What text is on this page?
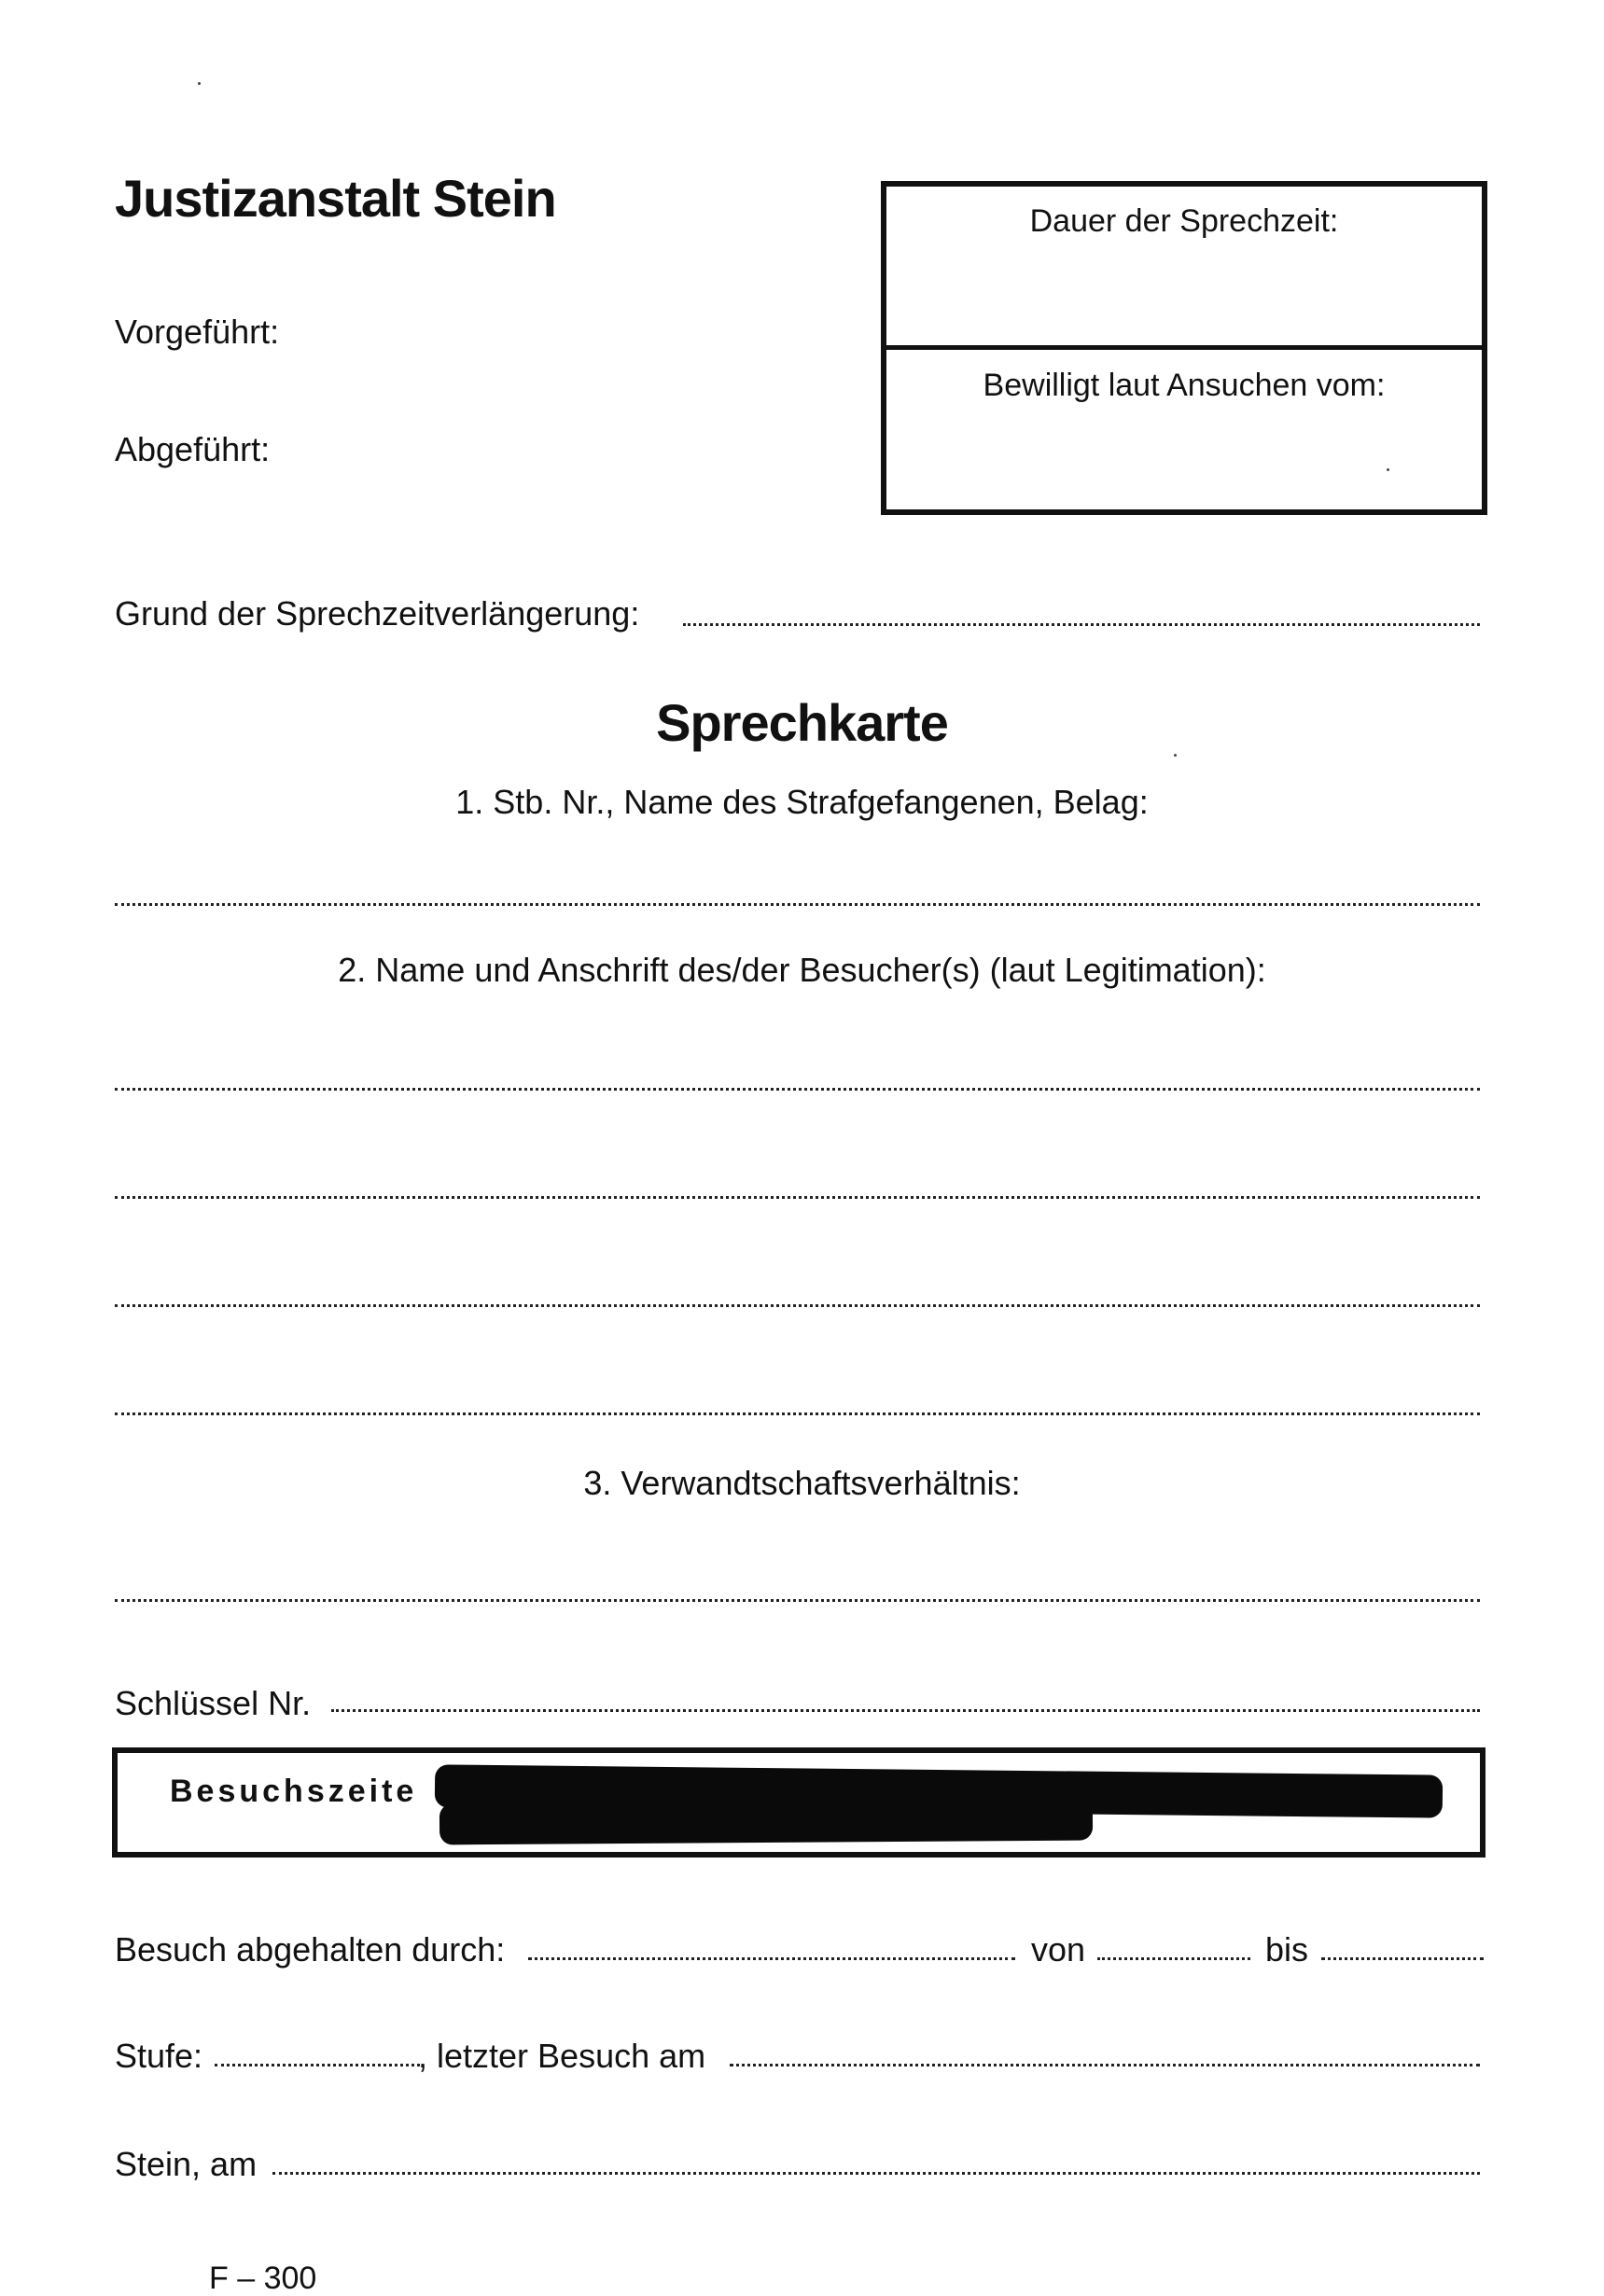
Justizanstalt Stein
Vorgeführt:
Abgeführt:
Dauer der Sprechzeit:
Bewilligt laut Ansuchen vom:
Grund der Sprechzeitverlängerung:
Sprechkarte
1. Stb. Nr., Name des Strafgefangenen, Belag:
2. Name und Anschrift des/der Besucher(s) (laut Legitimation):
3. Verwandtschaftsverhältnis:
Schlüssel Nr.
Besuchszeite
Besuch abgehalten durch:	von	bis
Stufe:	, letzter Besuch am
Stein, am
F – 300
